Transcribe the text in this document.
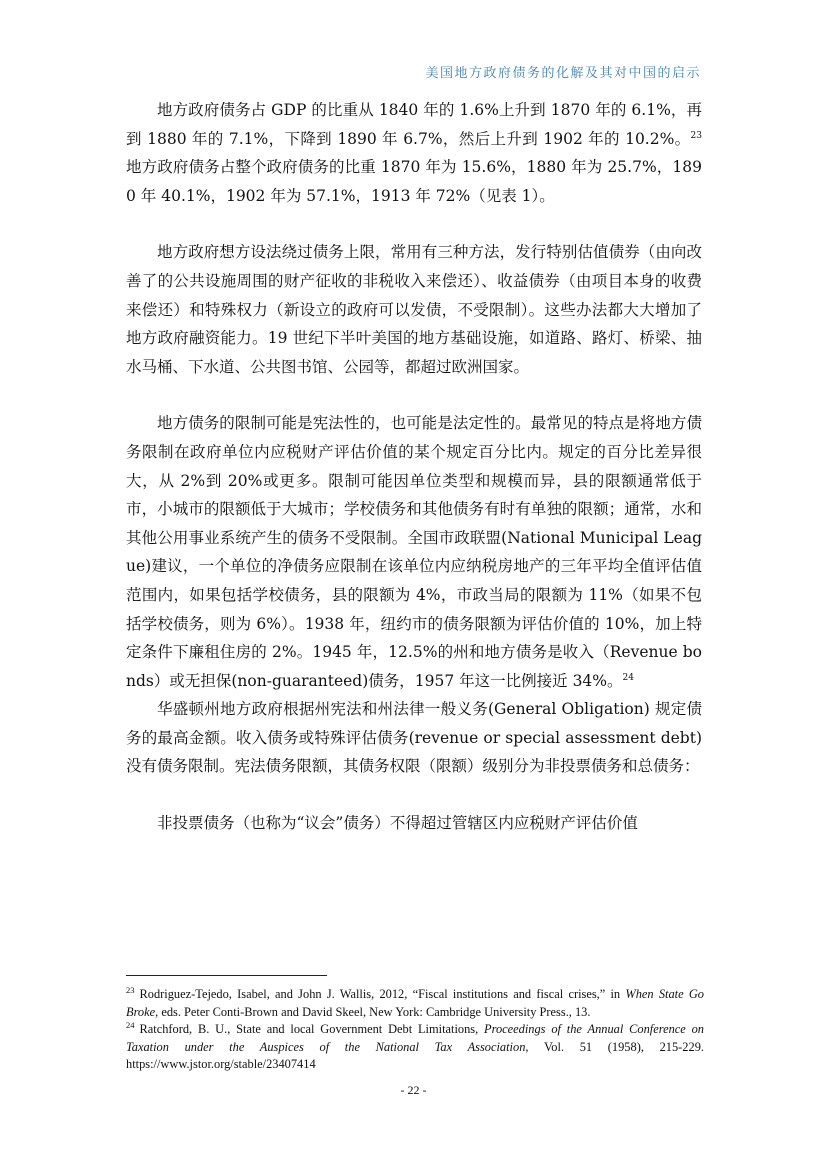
美国地方政府债务的化解及其对中国的启示

地方政府债务占 GDP 的比重从 1840 年的 1.6%上升到 1870 年的 6.1%，再到 1880 年的 7.1%，下降到 1890 年 6.7%，然后上升到 1902 年的 10.2%。$^{23}$ 地方政府债务占整个政府债务的比重 1870 年为 15.6%，1880 年为 25.7%，1890 年 40.1%，1902 年为 57.1%，1913 年 72%（见表 1）。

地方政府想方设法绕过债务上限，常用有三种方法，发行特别估值债券（由向改善了的公共设施周围的财产征收的非税收入来偿还）、收益债券（由项目本身的收费来偿还）和特殊权力（新设立的政府可以发债，不受限制）。这些办法都大大增加了地方政府融资能力。19 世纪下半叶美国的地方基础设施，如道路、路灯、桥梁、抽水马桶、下水道、公共图书馆、公园等，都超过欧洲国家。

地方债务的限制可能是宪法性的，也可能是法定性的。最常见的特点是将地方债务限制在政府单位内应税财产评估价值的某个规定百分比内。规定的百分比差异很大，从 2%到 20%或更多。限制可能因单位类型和规模而异，县的限额通常低于市，小城市的限额低于大城市；学校债务和其他债务有时有单独的限额；通常，水和其他公用事业系统产生的债务不受限制。全国市政联盟(National Municipal League)建议，一个单位的净债务应限制在该单位内应纳税房地产的三年平均全值评估值范围内，如果包括学校债务，县的限额为 4%，市政当局的限额为 11%（如果不包括学校债务，则为 6%）。1938 年，纽约市的债务限额为评估价值的 10%，加上特定条件下廉租住房的 2%。1945 年，12.5%的州和地方债务是收入（Revenue bonds）或无担保(non-guaranteed)债务，1957 年这一比例接近 34%。$^{24}$

华盛顿州地方政府根据州宪法和州法律一般义务(General Obligation) 规定债务的最高金额。收入债务或特殊评估债务(revenue or special assessment debt)没有债务限制。宪法债务限额，其债务权限（限额）级别分为非投票债务和总债务：

非投票债务（也称为“议会”债务）不得超过管辖区内应税财产评估价值

$^{23}$ Rodriguez-Tejedo, Isabel, and John J. Wallis, 2012, “Fiscal institutions and fiscal crises,” in When State Go Broke, eds. Peter Conti-Brown and David Skeel, New York: Cambridge University Press., 13.

$^{24}$ Ratchford, B. U., State and local Government Debt Limitations, Proceedings of the Annual Conference on Taxation under the Auspices of the National Tax Association, Vol. 51 (1958), 215-229. https://www.jstor.org/stable/23407414

- 22 -
